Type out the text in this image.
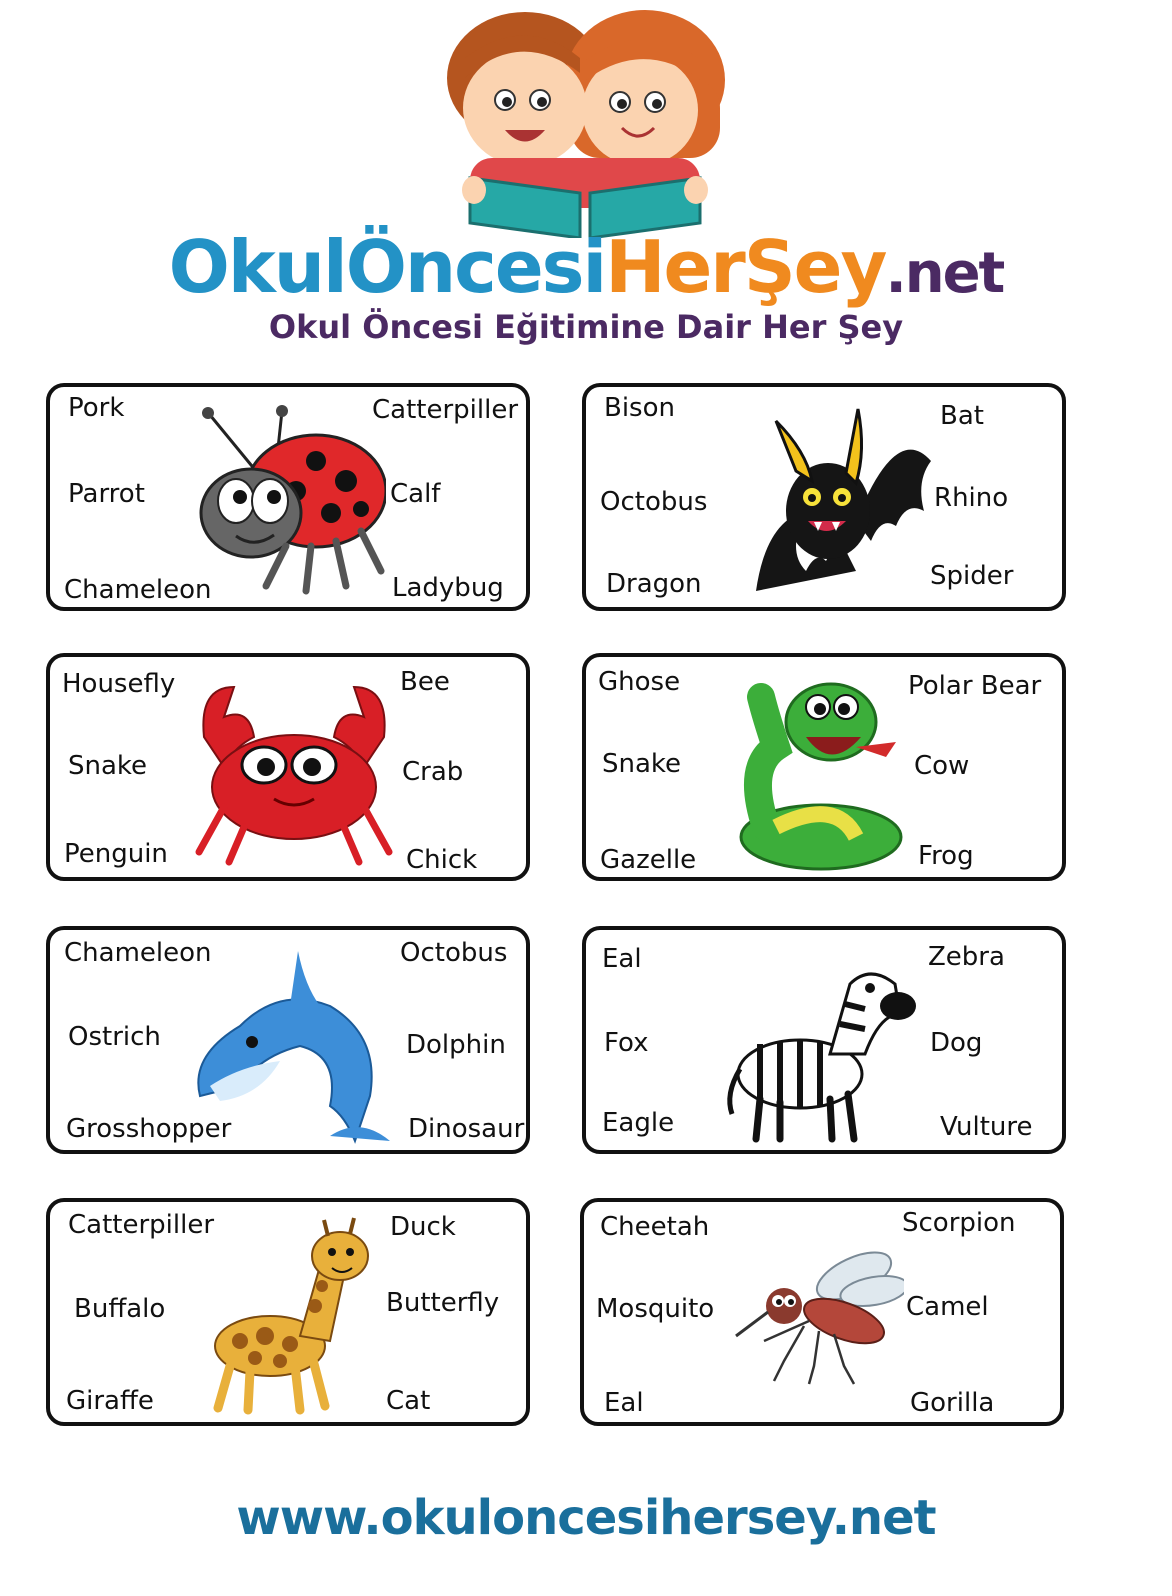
OkulÖncesiHerŞey.net
Okul Öncesi Eğitimine Dair Her Şey
Pork	Catterpiller
Parrot	Calf
Chameleon	Ladybug
Bison	Bat
Octobus	Rhino
Dragon	Spider
Housefly	Bee
Snake	Crab
Penguin	Chick
Ghose	Polar Bear
Snake	Cow
Gazelle	Frog
Chameleon	Octobus
Ostrich	Dolphin
Grosshopper	Dinosaur
Eal	Zebra
Fox	Dog
Eagle	Vulture
Catterpiller	Duck
Buffalo	Butterfly
Giraffe	Cat
Cheetah	Scorpion
Mosquito	Camel
Eal	Gorilla
www.okuloncesihersey.net
